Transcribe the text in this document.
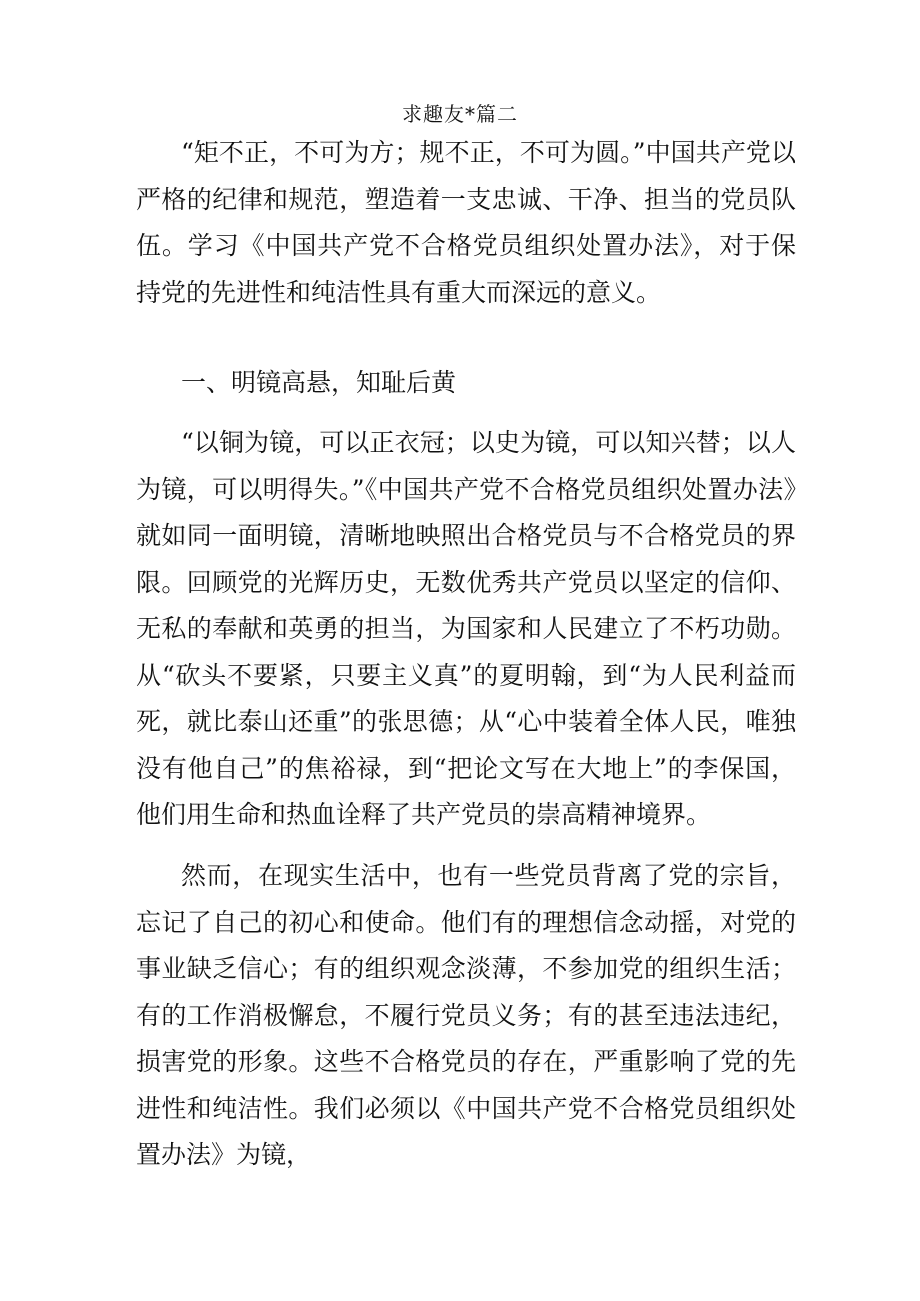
求趣友*篇二

“矩不正，不可为方；规不正，不可为圆。”中国共产党以严格的纪律和规范，塑造着一支忠诚、干净、担当的党员队伍。学习《中国共产党不合格党员组织处置办法》，对于保持党的先进性和纯洁性具有重大而深远的意义。

一、明镜高悬，知耻后黄

“以铜为镜，可以正衣冠；以史为镜，可以知兴替；以人为镜，可以明得失。”《中国共产党不合格党员组织处置办法》就如同一面明镜，清晰地映照出合格党员与不合格党员的界限。回顾党的光辉历史，无数优秀共产党员以坚定的信仰、无私的奉献和英勇的担当，为国家和人民建立了不朽功勋。从“砍头不要紧，只要主义真”的夏明翰，到“为人民利益而死，就比泰山还重”的张思德；从“心中装着全体人民，唯独没有他自己”的焦裕禄，到“把论文写在大地上”的李保国，他们用生命和热血诠释了共产党员的崇高精神境界。

然而，在现实生活中，也有一些党员背离了党的宗旨，忘记了自己的初心和使命。他们有的理想信念动摇，对党的事业缺乏信心；有的组织观念淡薄，不参加党的组织生活；有的工作消极懈怠，不履行党员义务；有的甚至违法违纪，损害党的形象。这些不合格党员的存在，严重影响了党的先进性和纯洁性。我们必须以《中国共产党不合格党员组织处置办法》为镜，
